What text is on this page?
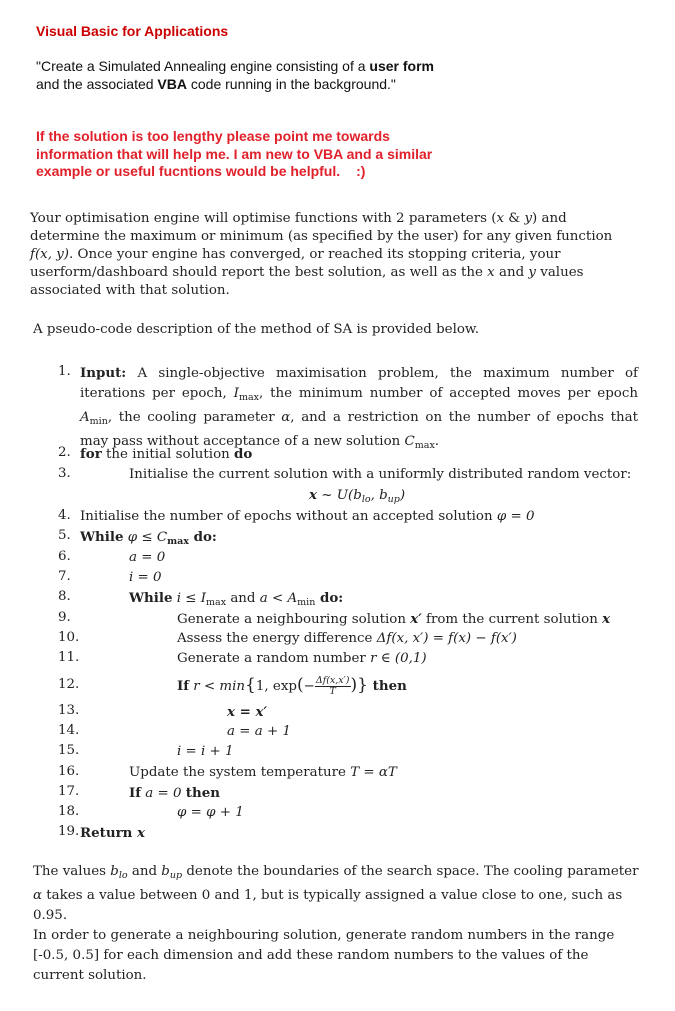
Visual Basic for Applications
"Create a Simulated Annealing engine consisting of a user form and the associated VBA code running in the background."
If the solution is too lengthy please point me towards information that will help me. I am new to VBA and a similar example or useful fucntions would be helpful. :)
Your optimisation engine will optimise functions with 2 parameters (x & y) and determine the maximum or minimum (as specified by the user) for any given function f(x, y). Once your engine has converged, or reached its stopping criteria, your userform/dashboard should report the best solution, as well as the x and y values associated with that solution.
A pseudo-code description of the method of SA is provided below.
1.
2.
3.
4.
5.
6.
7.
8.
9.
10.
11.
12.
13.
14.
15.
16.
17.
18.
19.
Input: A single-objective maximisation problem, the maximum number of iterations per epoch, $I_{max}$, the minimum number of accepted moves per epoch $A_{min}$, the cooling parameter α, and a restriction on the number of epochs that may pass without acceptance of a new solution $C_{max}$.
for the initial solution do
Initialise the current solution with a uniformly distributed random vector:
x ~ $U(b_{lo}$, $b_{up}$)
Initialise the number of epochs without an accepted solution φ = 0
While $\varphi \le C_{max}$ do:
a = 0
i = 0
While $i \le I_{max}$ and $a < A_{min}$ do:
Generate a neighbouring solution x′ from the current solution x
Assess the energy difference Δf(x, x′) = f(x) − f(x′)
Generate a random number r ∈ (0,1)
If r < min{1, $\exp(- \frac{\Delta f(x,x')}{T}$ )} then
x = x′
a = a + 1
i = i + 1
Update the system temperature T = αT
If a = 0 then
φ = φ + 1
Return x
The values $b_{lo}$ and $b_{up}$ denote the boundaries of the search space. The cooling parameter α takes a value between 0 and 1, but is typically assigned a value close to one, such as 0.95.
In order to generate a neighbouring solution, generate random numbers in the range [-0.5, 0.5] for each dimension and add these random numbers to the values of the current solution.
